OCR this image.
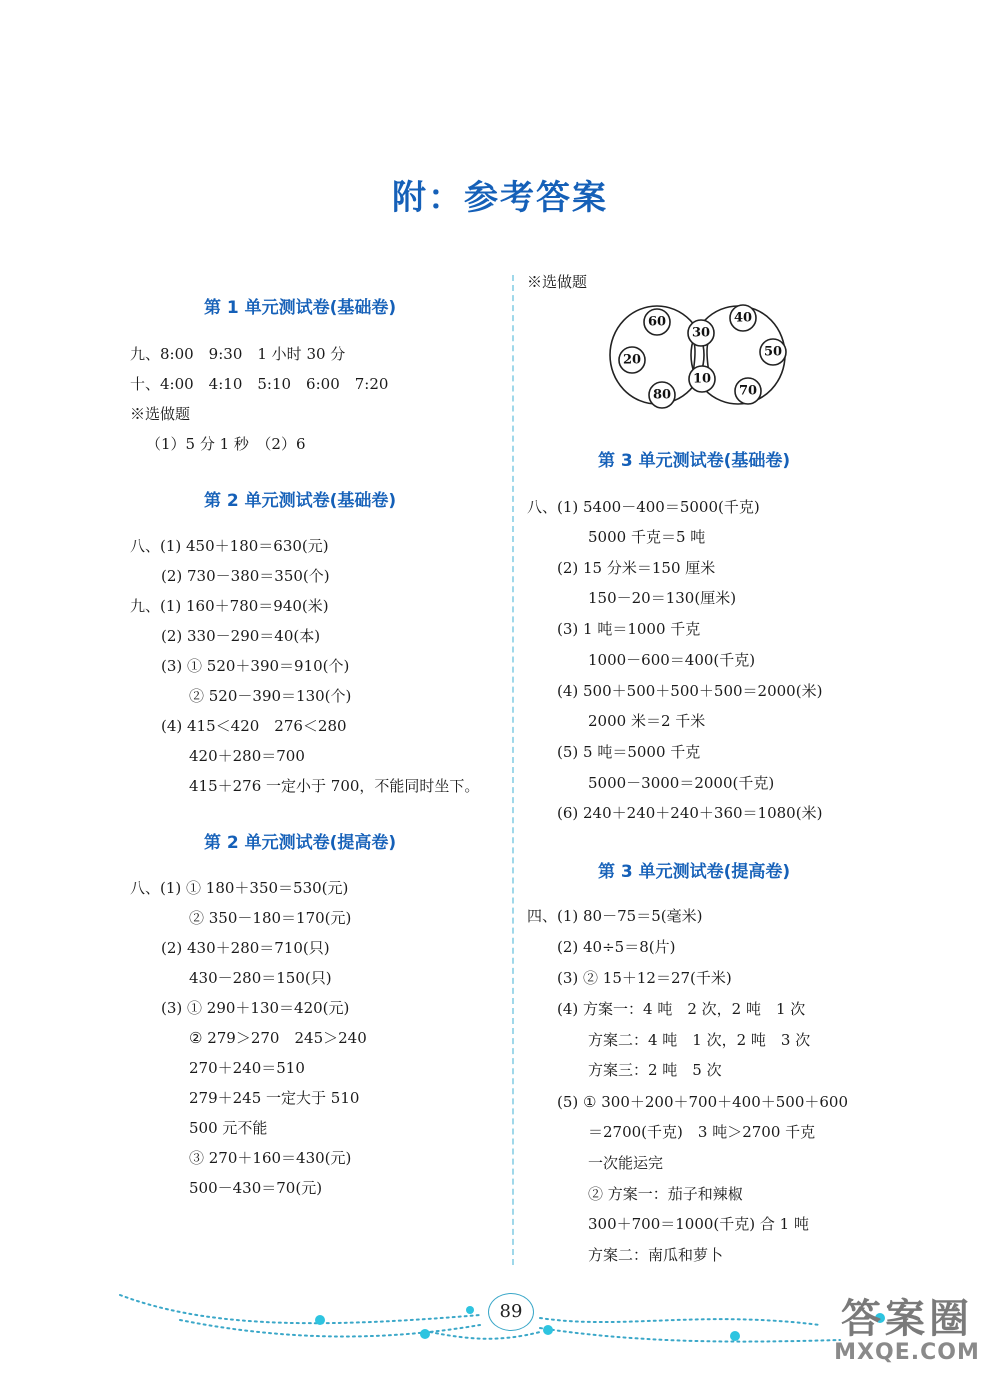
附：参考答案
第 1 单元测试卷(基础卷)
九、8:00　9:30　1 小时 30 分
十、4:00　4:10　5:10　6:00　7:20
※选做题
（1）5 分 1 秒　（2）6
第 2 单元测试卷(基础卷)
八、(1) 450＋180＝630(元)
(2) 730－380＝350(个)
九、(1) 160＋780＝940(米)
(2) 330－290＝40(本)
(3) ① 520＋390＝910(个)
② 520－390＝130(个)
(4) 415＜420　276＜280
420＋280＝700
415＋276 一定小于 700，不能同时坐下。
第 2 单元测试卷(提高卷)
八、(1) ① 180＋350＝530(元)
② 350－180＝170(元)
(2) 430＋280＝710(只)
430－280＝150(只)
(3) ① 290＋130＝420(元)
② 279＞270　245＞240
270＋240＝510
279＋245 一定大于 510
500 元不能
③ 270＋160＝430(元)
500－430＝70(元)
※选做题
60
30
40
20
50
10
80	70
第 3 单元测试卷(基础卷)
八、(1) 5400－400＝5000(千克)
5000 千克＝5 吨
(2) 15 分米＝150 厘米
150－20＝130(厘米)
(3) 1 吨＝1000 千克
1000－600＝400(千克)
(4) 500＋500＋500＋500＝2000(米)
2000 米＝2 千米
(5) 5 吨＝5000 千克
5000－3000＝2000(千克)
(6) 240＋240＋240＋360＝1080(米)
第 3 单元测试卷(提高卷)
四、(1) 80－75＝5(毫米)
(2) 40÷5＝8(片)
(3) ② 15＋12＝27(千米)
(4) 方案一：4 吨　2 次，2 吨　1 次
方案二：4 吨　1 次，2 吨　3 次
方案三：2 吨　5 次
(5) ① 300＋200＋700＋400＋500＋600
＝2700(千克)　3 吨＞2700 千克
一次能运完
② 方案一：茄子和辣椒
300＋700＝1000(千克) 合 1 吨
方案二：南瓜和萝卜
89	答案圈
MXQE.COM
